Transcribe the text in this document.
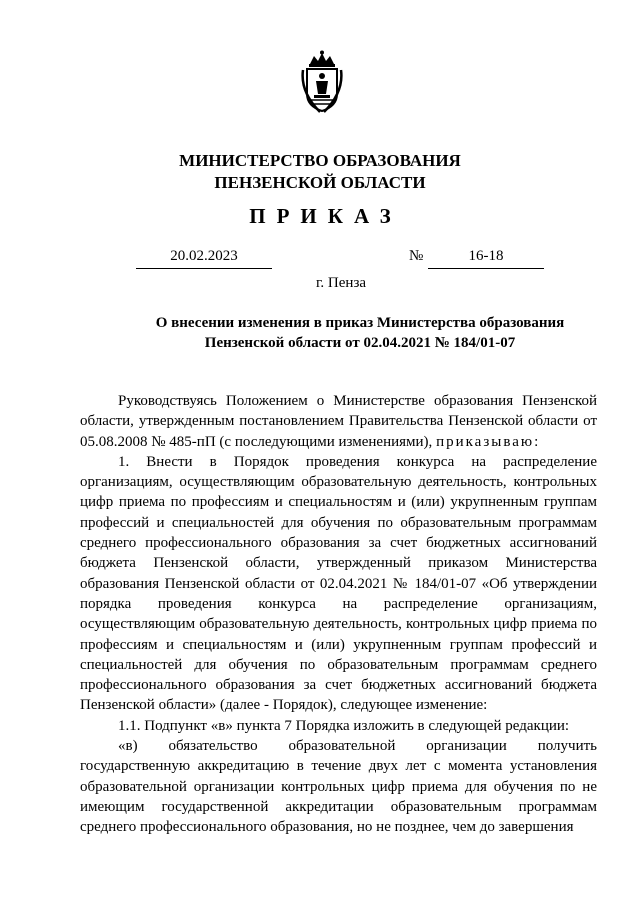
МИНИСТЕРСТВО ОБРАЗОВАНИЯ
ПЕНЗЕНСКОЙ ОБЛАСТИ
ПРИКАЗ
20.02.2023	№	16-18
г. Пенза
О внесении изменения в приказ Министерства образования
Пензенской области от 02.04.2021 № 184/01-07

Руководствуясь Положением о Министерстве образования Пензенской области, утвержденным постановлением Правительства Пензенской области от 05.08.2008 № 485-пП (с последующими изменениями), приказываю:

1. Внести в Порядок проведения конкурса на распределение организациям, осуществляющим образовательную деятельность, контрольных цифр приема по профессиям и специальностям и (или) укрупненным группам профессий и специальностей для обучения по образовательным программам среднего профессионального образования за счет бюджетных ассигнований бюджета Пензенской области, утвержденный приказом Министерства образования Пензенской области от 02.04.2021 № 184/01-07 «Об утверждении порядка проведения конкурса на распределение организациям, осуществляющим образовательную деятельность, контрольных цифр приема по профессиям и специальностям и (или) укрупненным группам профессий и специальностей для обучения по образовательным программам среднего профессионального образования за счет бюджетных ассигнований бюджета Пензенской области» (далее - Порядок), следующее изменение:

1.1. Подпункт «в» пункта 7 Порядка изложить в следующей редакции:

«в) обязательство образовательной организации получить государственную аккредитацию в течение двух лет с момента установления образовательной организации контрольных цифр приема для обучения по не имеющим государственной аккредитации образовательным программам среднего профессионального образования, но не позднее, чем до завершения
